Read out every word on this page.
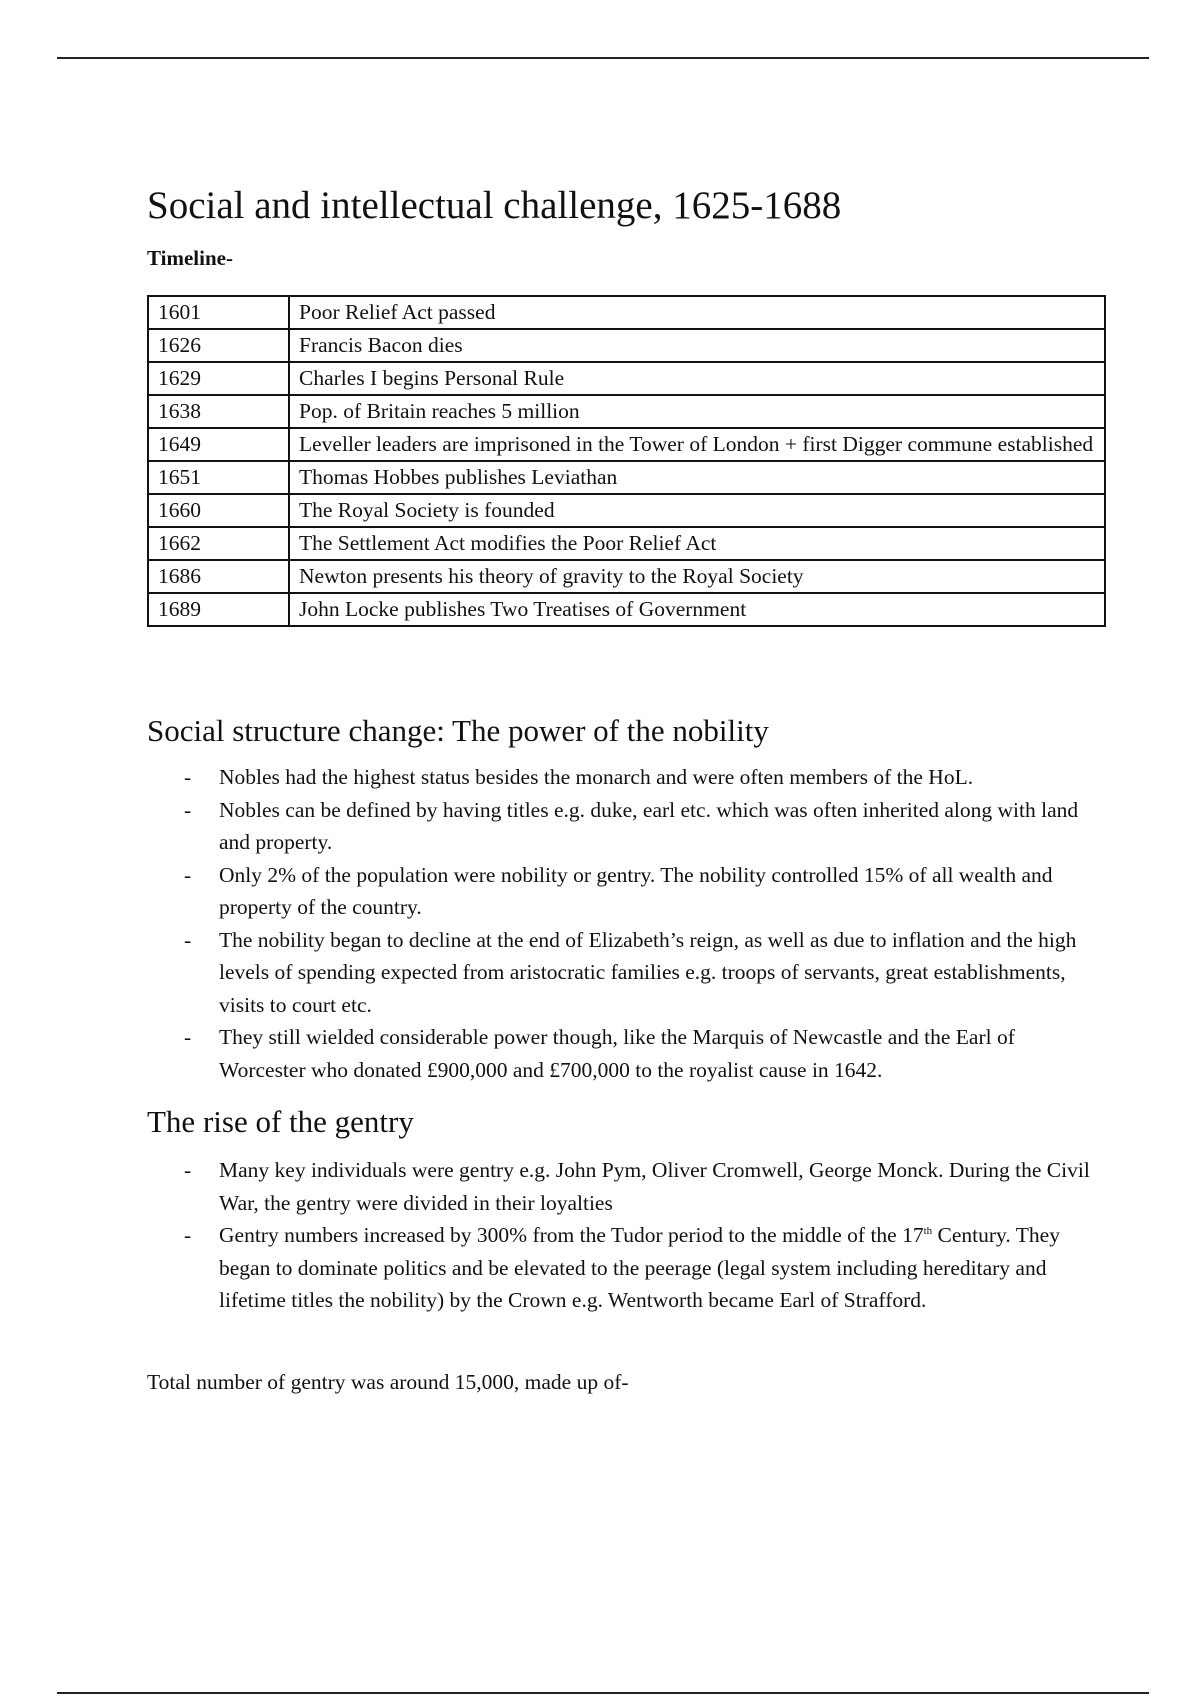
Social and intellectual challenge, 1625-1688
Timeline-
1601	Poor Relief Act passed
1626	Francis Bacon dies
1629	Charles I begins Personal Rule
1638	Pop. of Britain reaches 5 million
1649	Leveller leaders are imprisoned in the Tower of London + first Digger commune established
1651	Thomas Hobbes publishes Leviathan
1660	The Royal Society is founded
1662	The Settlement Act modifies the Poor Relief Act
1686	Newton presents his theory of gravity to the Royal Society
1689	John Locke publishes Two Treatises of Government
Social structure change: The power of the nobility
- Nobles had the highest status besides the monarch and were often members of the HoL.
- Nobles can be defined by having titles e.g. duke, earl etc. which was often inherited along with land and property.
- Only 2% of the population were nobility or gentry. The nobility controlled 15% of all wealth and property of the country.
- The nobility began to decline at the end of Elizabeth’s reign, as well as due to inflation and the high levels of spending expected from aristocratic families e.g. troops of servants, great establishments, visits to court etc.
- They still wielded considerable power though, like the Marquis of Newcastle and the Earl of Worcester who donated £900,000 and £700,000 to the royalist cause in 1642.
The rise of the gentry
- Many key individuals were gentry e.g. John Pym, Oliver Cromwell, George Monck. During the Civil War, the gentry were divided in their loyalties
- Gentry numbers increased by 300% from the Tudor period to the middle of the 17th Century. They began to dominate politics and be elevated to the peerage (legal system including hereditary and lifetime titles the nobility) by the Crown e.g. Wentworth became Earl of Strafford.

Total number of gentry was around 15,000, made up of-
